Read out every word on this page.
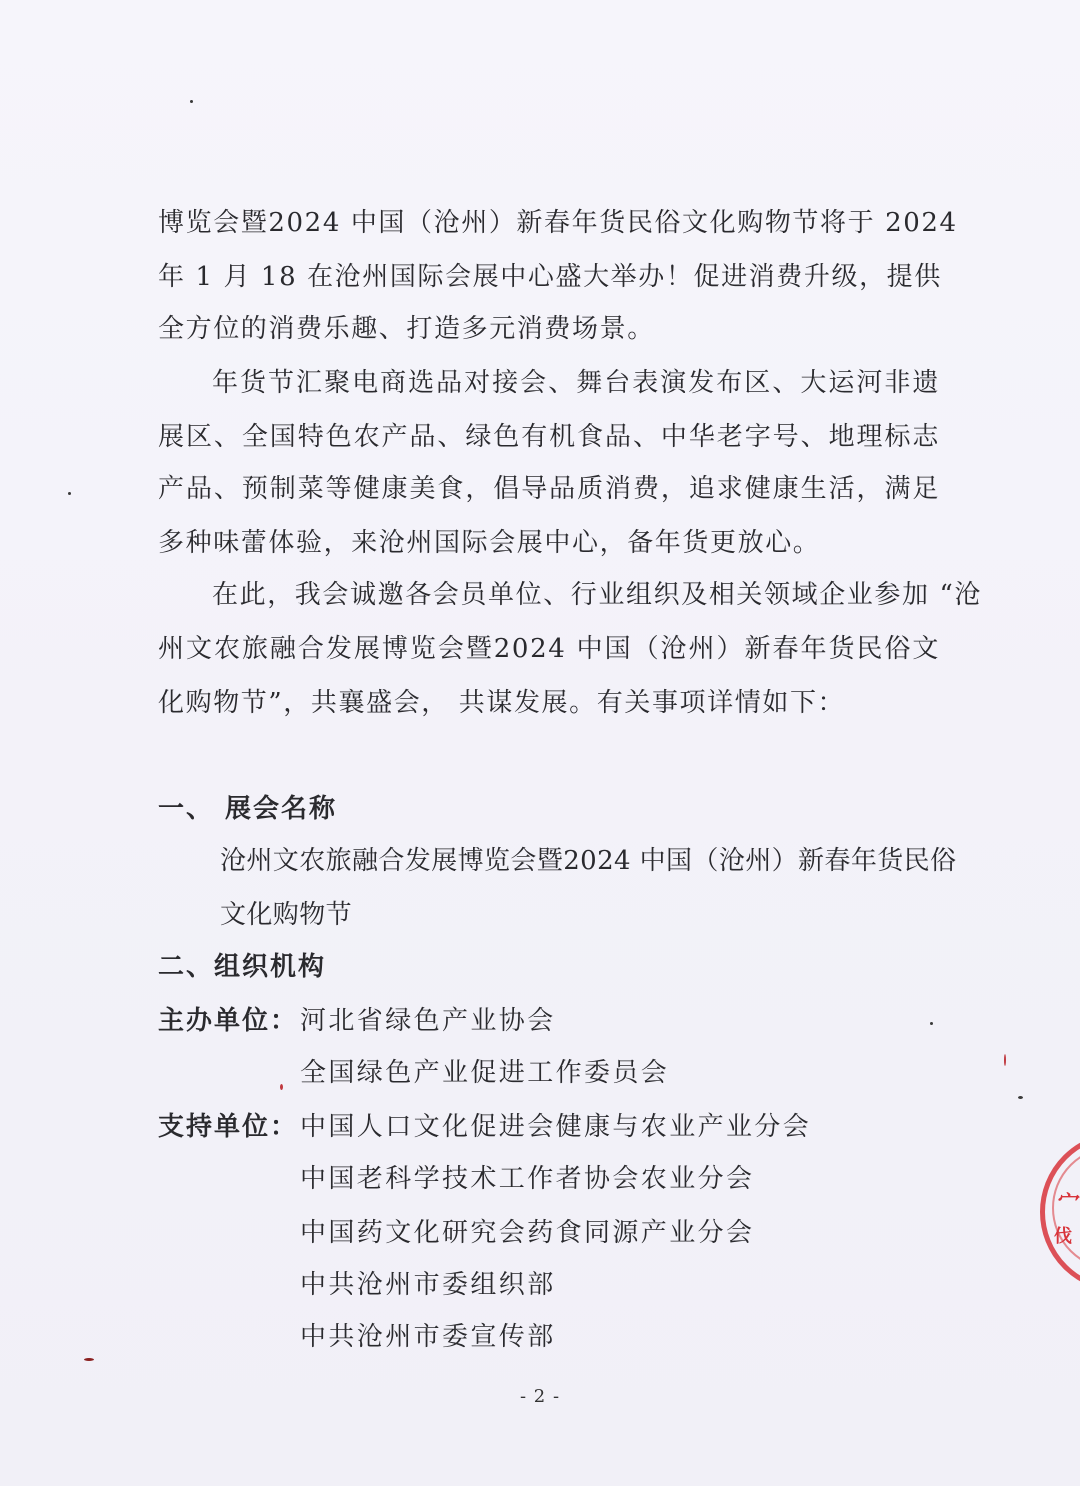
博览会暨2024 中国（沧州）新春年货民俗文化购物节将于 2024
年 1 月 18 在沧州国际会展中心盛大举办！促进消费升级，提供
全方位的消费乐趣、打造多元消费场景。
年货节汇聚电商选品对接会、舞台表演发布区、大运河非遗
展区、全国特色农产品、绿色有机食品、中华老字号、地理标志
产品、预制菜等健康美食，倡导品质消费，追求健康生活，满足
多种味蕾体验，来沧州国际会展中心，备年货更放心。
在此，我会诚邀各会员单位、行业组织及相关领域企业参加 “沧
州文农旅融合发展博览会暨2024 中国（沧州）新春年货民俗文
化购物节”，共襄盛会， 共谋发展。有关事项详情如下：
一、 展会名称
沧州文农旅融合发展博览会暨2024 中国（沧州）新春年货民俗
文化购物节
二、组织机构
主办单位： 河北省绿色产业协会
全国绿色产业促进工作委员会
支持单位： 中国人口文化促进会健康与农业产业分会
中国老科学技术工作者协会农业分会
中国药文化研究会药食同源产业分会
中共沧州市委组织部
中共沧州市委宣传部
- 2 -
宀
伐
